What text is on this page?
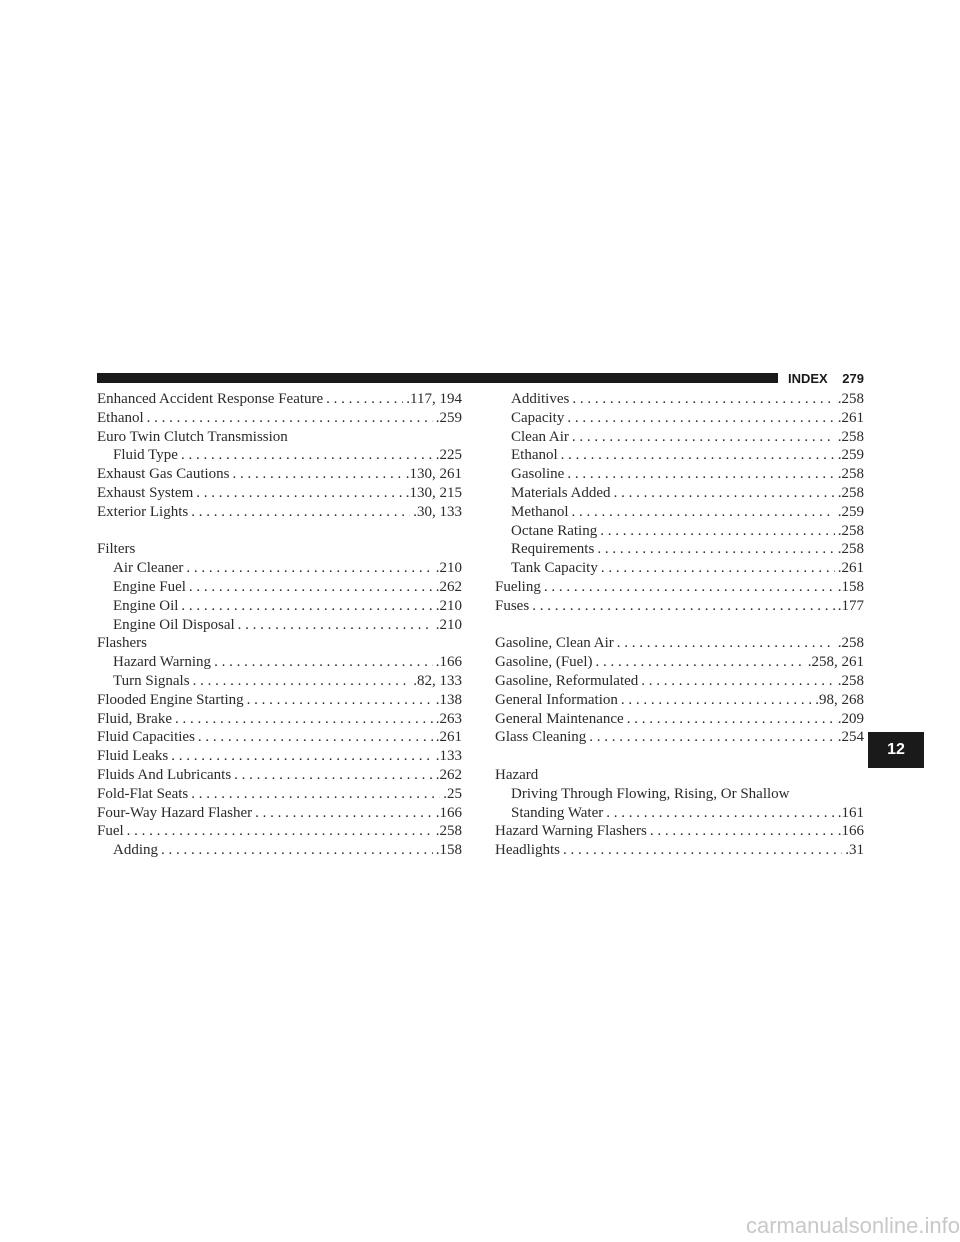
INDEX 279
Enhanced Accident Response Feature . . .	.117, 194
Ethanol . . .	.259
Euro Twin Clutch Transmission
Fluid Type . . .	.225
Exhaust Gas Cautions . . .	.130, 261
Exhaust System . . .	.130, 215
Exterior Lights . . .	.30, 133
Filters
Air Cleaner . . .	.210
Engine Fuel . . .	.262
Engine Oil . . .	.210
Engine Oil Disposal . . .	.210
Flashers
Hazard Warning . . .	.166
Turn Signals . . .	.82, 133
Flooded Engine Starting . . .	.138
Fluid, Brake . . .	.263
Fluid Capacities . . .	.261
Fluid Leaks . . .	.133
Fluids And Lubricants . . .	.262
Fold-Flat Seats . . .	.25
Four-Way Hazard Flasher . . .	.166
Fuel . . .	.258
Adding . . .	.158
Additives . . .	.258
Capacity . . .	.261
Clean Air . . .	.258
Ethanol . . .	.259
Gasoline . . .	.258
Materials Added . . .	.258
Methanol . . .	.259
Octane Rating . . .	.258
Requirements . . .	.258
Tank Capacity . . .	.261
Fueling . . .	.158
Fuses . . .	.177
Gasoline, Clean Air . . .	.258
Gasoline, (Fuel) . . .	.258, 261
Gasoline, Reformulated . . .	.258
General Information . . .	.98, 268
General Maintenance . . .	.209
Glass Cleaning . . .	.254
Hazard
Driving Through Flowing, Rising, Or Shallow
Standing Water . . .	.161
Hazard Warning Flashers . . .	.166
Headlights . . .	.31
12
carmanualsonline.info
